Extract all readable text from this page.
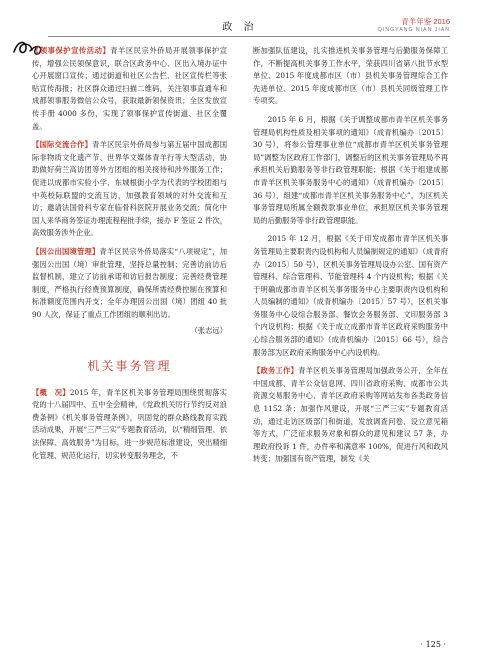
政 治
青羊年鉴 2016
QINGYANG NIAN JIAN

【领事保护宣传活动】青羊区民宗外侨局开展领事保护宣传，增强公民领保意识，联合区政务中心、区出入境办证中心开展窗口宣传；通过街道和社区公告栏、社区宣传栏等张贴宣传海报；社区群众通过扫描二维码，关注领事直通车和成都领事服务微信公众号，获取最新领保资讯；全区发放宣传手册 4000 多份，实现了领事保护宣传街道、社区全覆盖。

【国际交流合作】青羊区民宗外侨局参与第五届中国成都国际非物质文化遗产节、世界华文媒体青羊行等大型活动，协助做好荷兰高访团等外方团组的相关接待和涉外服务工作；促进以成都市实验小学、东城根街小学为代表的学校团组与中英校际联盟的交流互访，加强教育领域的对外交流和互访；邀请法国骨科专家在临骨科医院开展业务交流；简化中国人来华商务签证办理流程程批手续，接办 F 签证 2 件次，高效服务涉外企业。

【因公出国境管理】青羊区民宗外侨局落实“八项规定”，加强因公出国（境）审批管理，坚持总量控制；完善访前访后监督机制，建立了访前承诺和访后报告制度；完善经费管理制度，严格执行经费预算制度，确保所需经费控制在预算和标准额度范围内开支；全年办理因公出国（境）团组 40 批 90 人次，保证了重点工作团组的顺利出访。

（张志远）
机关事务管理

【概　况】2015 年，青羊区机关事务管理局围绕贯彻落实党的十八届四中、五中全会精神，《党政机关厉行节约反对浪费条例》《机关事务管理条例》，巩固党的群众路线教育实践活动成果，开展“三严三实”专题教育活动，以“精细管理、依法保障、高效服务”为目标，进一步规范标准建设，突出精细化管理、规范化运行，切实转变服务理念，不

断加强队伍建设，扎实推进机关事务管理与后勤服务保障工作，不断提高机关事务工作水平，荣获四川省第八批节水型单位、2015 年度成都市区（市）县机关事务管理综合工作先进单位、2015 年度成都市区（市）县机关同级管理工作专项奖。

2015 年 6 月，根据《关于调整成都市青羊区机关事务管理局机构性质及相关事项的通知》（成青机编办〔2015〕30 号），将参公管理事业单位“成都市青羊区机关事务管理局”调整为区政府工作部门，调整后的区机关事务管理局不再承担机关后勤服务等非行政管理职能；根据《关于组建成都市青羊区机关事务服务中心的通知》（成青机编办〔2015〕36 号），组建“成都市青羊区机关事务服务中心”，为区机关事务管理局所属全额拨款事业单位，承担原区机关事务管理局的后勤服务等非行政管理职能。

2015 年 12 月，根据《关于印发成都市青羊区机关事务管理局主要职责内设机构和人员编制规定的通知》（成青府办〔2015〕50 号），区机关事务管理局设办公室、国有资产管理科、综合管理科、节能管理科 4 个内设机构；根据《关于明确成都市青羊区机关事务服务中心主要职责内设机构和人员编制的通知》（成青机编办〔2015〕57 号），区机关事务服务中心设综合服务部、餐饮会务服务部、文印服务部 3 个内设机构；根据《关于成立成都市青羊区政府采购服务中心综合服务部的通知》（成青机编办〔2015〕66 号），综合服务部为区政府采购服务中心内设机构。

【政务工作】青羊区机关事务管理局加强政务公开，全年在中国成都、青羊公众信息网、四川省政府采购、成都市公共资源交易服务中心、青羊区政府采购等网站发布各类政务信息 1152 条；加强作风建设，开展“三严三实”专题教育活动，通过走访区级部门和街道，发放调查问卷、设立意见箱等方式，广泛征求服务对象和群众的意见和建议 57 条，办理政府投诉 1 件，办件率和满意率 100%，促进行风和政风转变；加强国有资产管理，制发《关

· 125 ·
